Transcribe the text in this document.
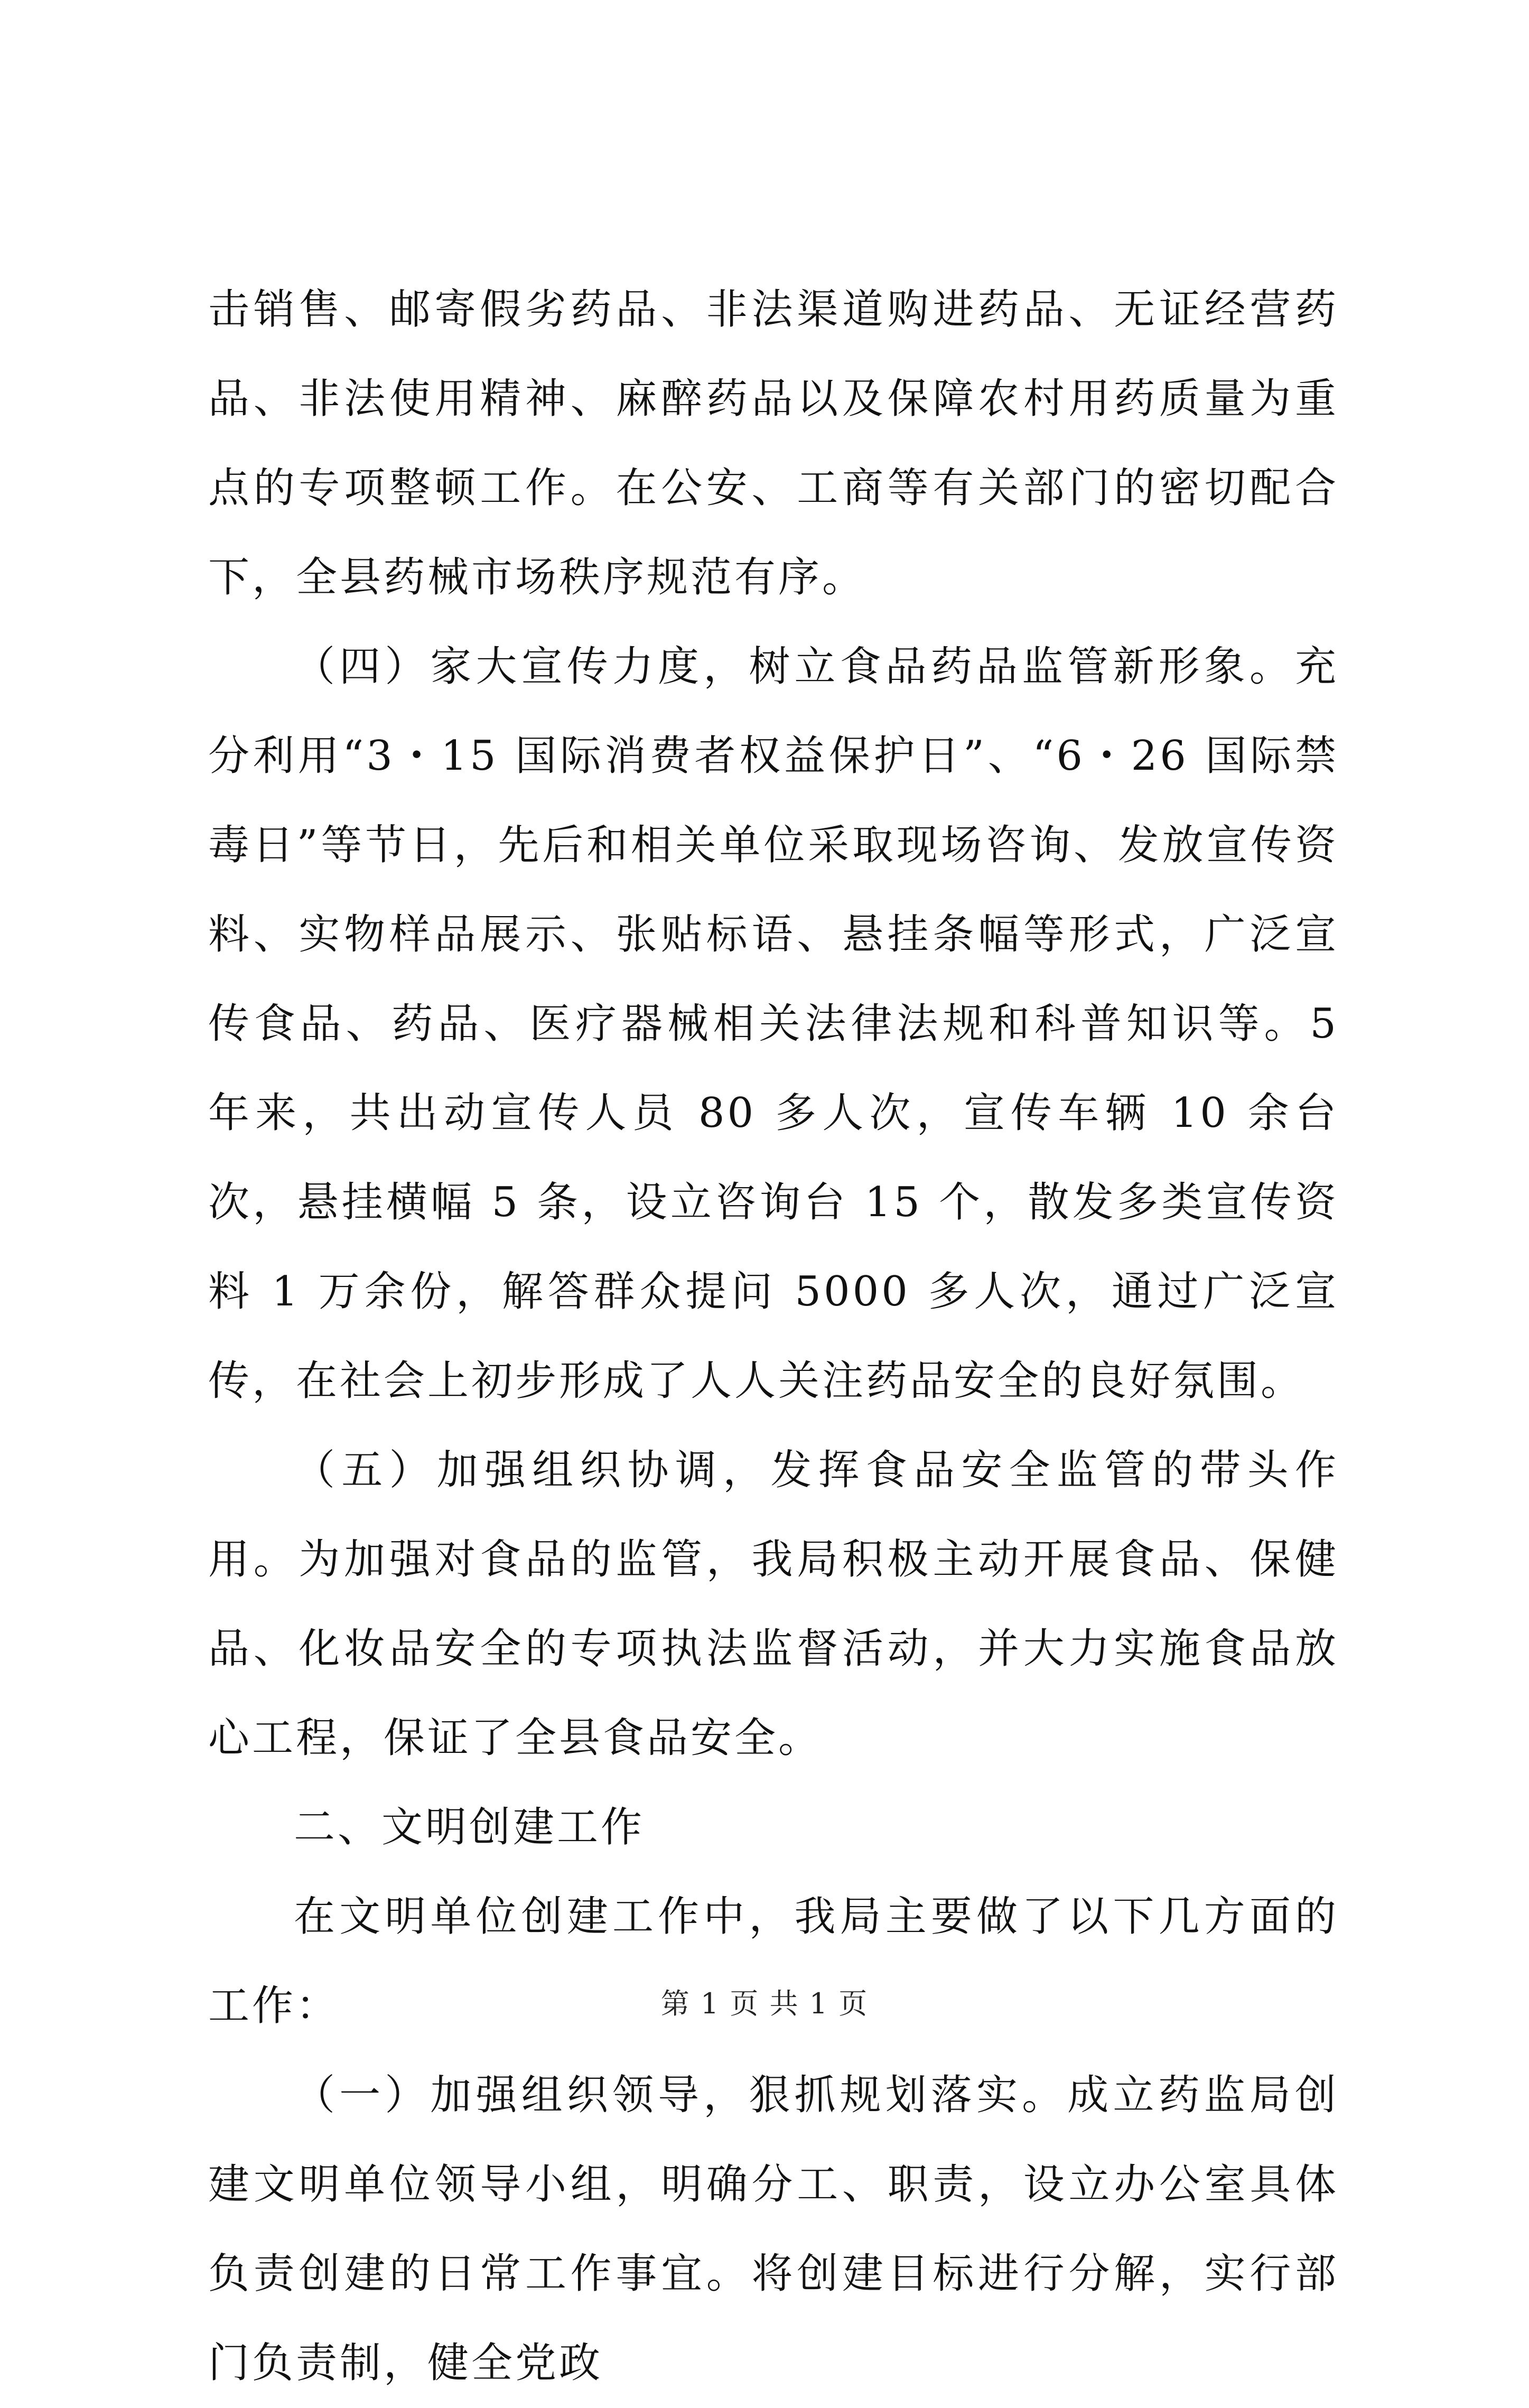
击销售、邮寄假劣药品、非法渠道购进药品、无证经营药品、非法使用精神、麻醉药品以及保障农村用药质量为重点的专项整顿工作。在公安、工商等有关部门的密切配合下，全县药械市场秩序规范有序。

（四）家大宣传力度，树立食品药品监管新形象。充分利用“3・15 国际消费者权益保护日”、“6・26 国际禁毒日”等节日，先后和相关单位采取现场咨询、发放宣传资料、实物样品展示、张贴标语、悬挂条幅等形式，广泛宣传食品、药品、医疗器械相关法律法规和科普知识等。5 年来，共出动宣传人员 80 多人次，宣传车辆 10 余台次，悬挂横幅 5 条，设立咨询台 15 个，散发多类宣传资料 1 万余份，解答群众提问 5000 多人次，通过广泛宣传，在社会上初步形成了人人关注药品安全的良好氛围。

（五）加强组织协调，发挥食品安全监管的带头作用。为加强对食品的监管，我局积极主动开展食品、保健品、化妆品安全的专项执法监督活动，并大力实施食品放心工程，保证了全县食品安全。

二、文明创建工作

在文明单位创建工作中，我局主要做了以下几方面的工作：

（一）加强组织领导，狠抓规划落实。成立药监局创建文明单位领导小组，明确分工、职责，设立办公室具体负责创建的日常工作事宜。将创建目标进行分解，实行部门负责制，健全党政

第 1 页 共 1 页
